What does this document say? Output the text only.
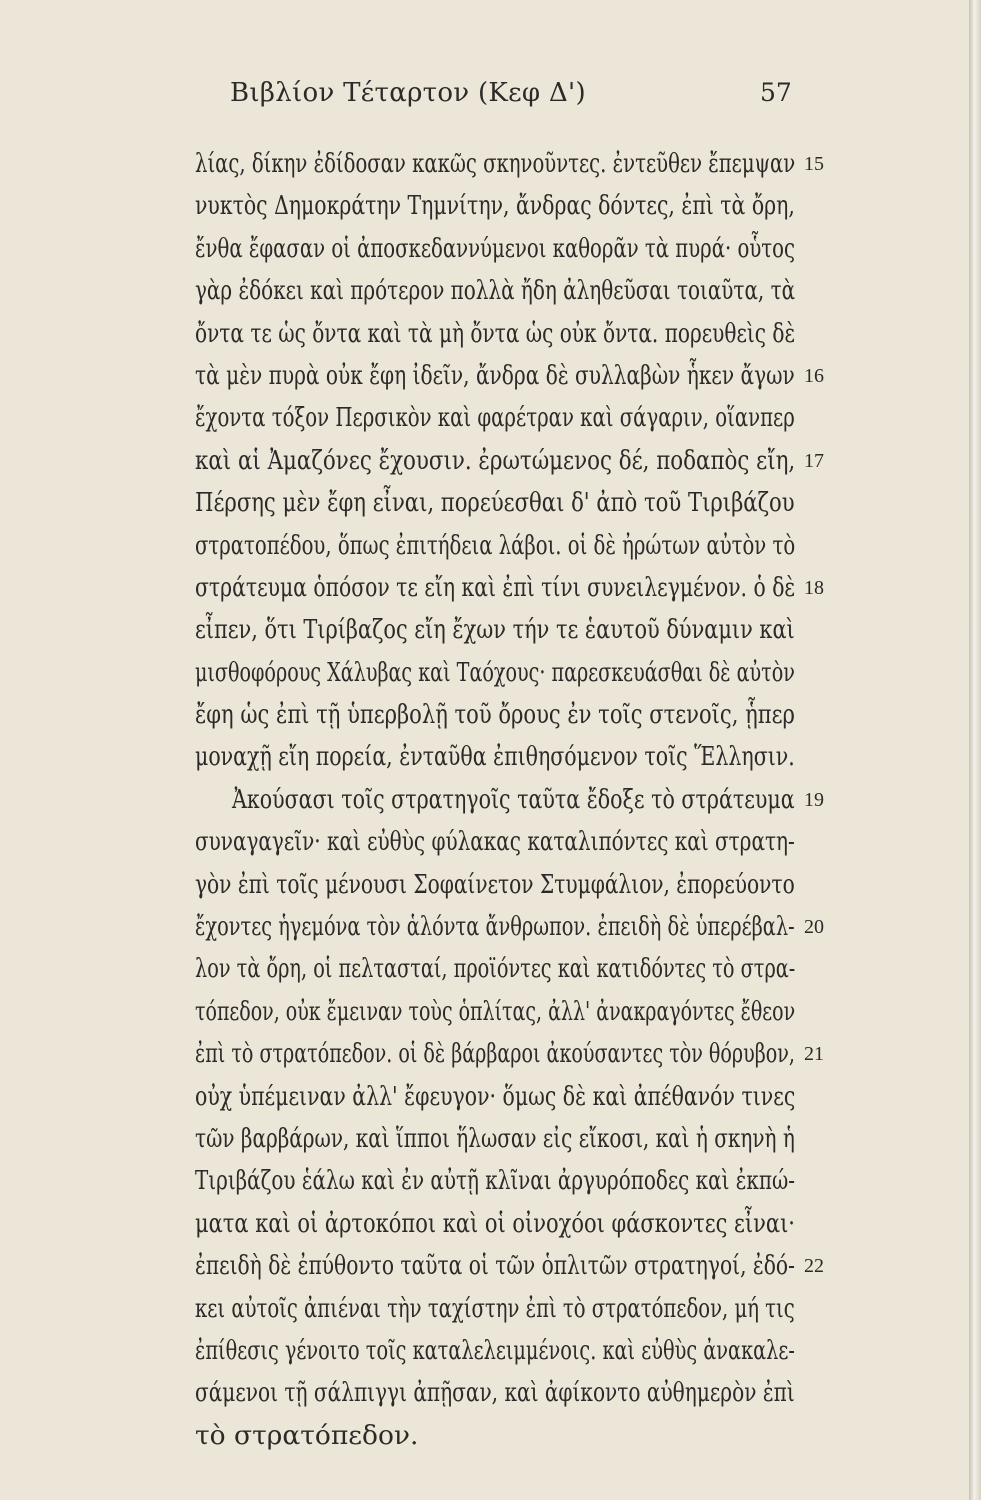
Βιβλίον Τέταρτον (Κεφ Δ')	57
λίας, δίκην ἐδίδοσαν κακῶς σκηνοῦντες. ἐντεῦθεν ἔπεμψαν 15
νυκτὸς Δημοκράτην Τημνίτην, ἄνδρας δόντες, ἐπὶ τὰ ὄρη,
ἔνθα ἔφασαν οἱ ἀποσκεδαννύμενοι καθορᾶν τὰ πυρά· οὗτος
γὰρ ἐδόκει καὶ πρότερον πολλὰ ἤδη ἀληθεῦσαι τοιαῦτα, τὰ
ὄντα τε ὡς ὄντα καὶ τὰ μὴ ὄντα ὡς οὐκ ὄντα. πορευθεὶς δὲ
τὰ μὲν πυρὰ οὐκ ἔφη ἰδεῖν, ἄνδρα δὲ συλλαβὼν ἧκεν ἄγων 16
ἔχοντα τόξον Περσικὸν καὶ φαρέτραν καὶ σάγαριν, οἵανπερ
καὶ αἱ Ἀμαζόνες ἔχουσιν. ἐρωτώμενος δέ, ποδαπὸς εἴη, 17
Πέρσης μὲν ἔφη εἶναι, πορεύεσθαι δ' ἀπὸ τοῦ Τιριβάζου
στρατοπέδου, ὅπως ἐπιτήδεια λάβοι. οἱ δὲ ἠρώτων αὐτὸν τὸ
στράτευμα ὁπόσον τε εἴη καὶ ἐπὶ τίνι συνειλεγμένον. ὁ δὲ 18
εἶπεν, ὅτι Τιρίβαζος εἴη ἔχων τήν τε ἑαυτοῦ δύναμιν καὶ
μισθοφόρους Χάλυβας καὶ Ταόχους· παρεσκευάσθαι δὲ αὐτὸν
ἔφη ὡς ἐπὶ τῇ ὑπερβολῇ τοῦ ὄρους ἐν τοῖς στενοῖς, ᾗπερ
μοναχῇ εἴη πορεία, ἐνταῦθα ἐπιθησόμενον τοῖς Ἕλλησιν.
Ἀκούσασι τοῖς στρατηγοῖς ταῦτα ἔδοξε τὸ στράτευμα 19
συναγαγεῖν· καὶ εὐθὺς φύλακας καταλιπόντες καὶ στρατη-
γὸν ἐπὶ τοῖς μένουσι Σοφαίνετον Στυμφάλιον, ἐπορεύοντο
ἔχοντες ἡγεμόνα τὸν ἁλόντα ἄνθρωπον. ἐπειδὴ δὲ ὑπερέβαλ- 20
λον τὰ ὄρη, οἱ πελτασταί, προϊόντες καὶ κατιδόντες τὸ στρα-
τόπεδον, οὐκ ἔμειναν τοὺς ὁπλίτας, ἀλλ' ἀνακραγόντες ἔθεον
ἐπὶ τὸ στρατόπεδον. οἱ δὲ βάρβαροι ἀκούσαντες τὸν θόρυβον, 21
οὐχ ὑπέμειναν ἀλλ' ἔφευγον· ὅμως δὲ καὶ ἀπέθανόν τινες
τῶν βαρβάρων, καὶ ἵπποι ἥλωσαν εἰς εἴκοσι, καὶ ἡ σκηνὴ ἡ
Τιριβάζου ἑάλω καὶ ἐν αὐτῇ κλῖναι ἀργυρόποδες καὶ ἐκπώ-
ματα καὶ οἱ ἀρτοκόποι καὶ οἱ οἰνοχόοι φάσκοντες εἶναι·
ἐπειδὴ δὲ ἐπύθοντο ταῦτα οἱ τῶν ὁπλιτῶν στρατηγοί, ἐδό- 22
κει αὐτοῖς ἀπιέναι τὴν ταχίστην ἐπὶ τὸ στρατόπεδον, μή τις
ἐπίθεσις γένοιτο τοῖς καταλελειμμένοις. καὶ εὐθὺς ἀνακαλε-
σάμενοι τῇ σάλπιγγι ἀπῇσαν, καὶ ἀφίκοντο αὐθημερὸν ἐπὶ
τὸ στρατόπεδον.
